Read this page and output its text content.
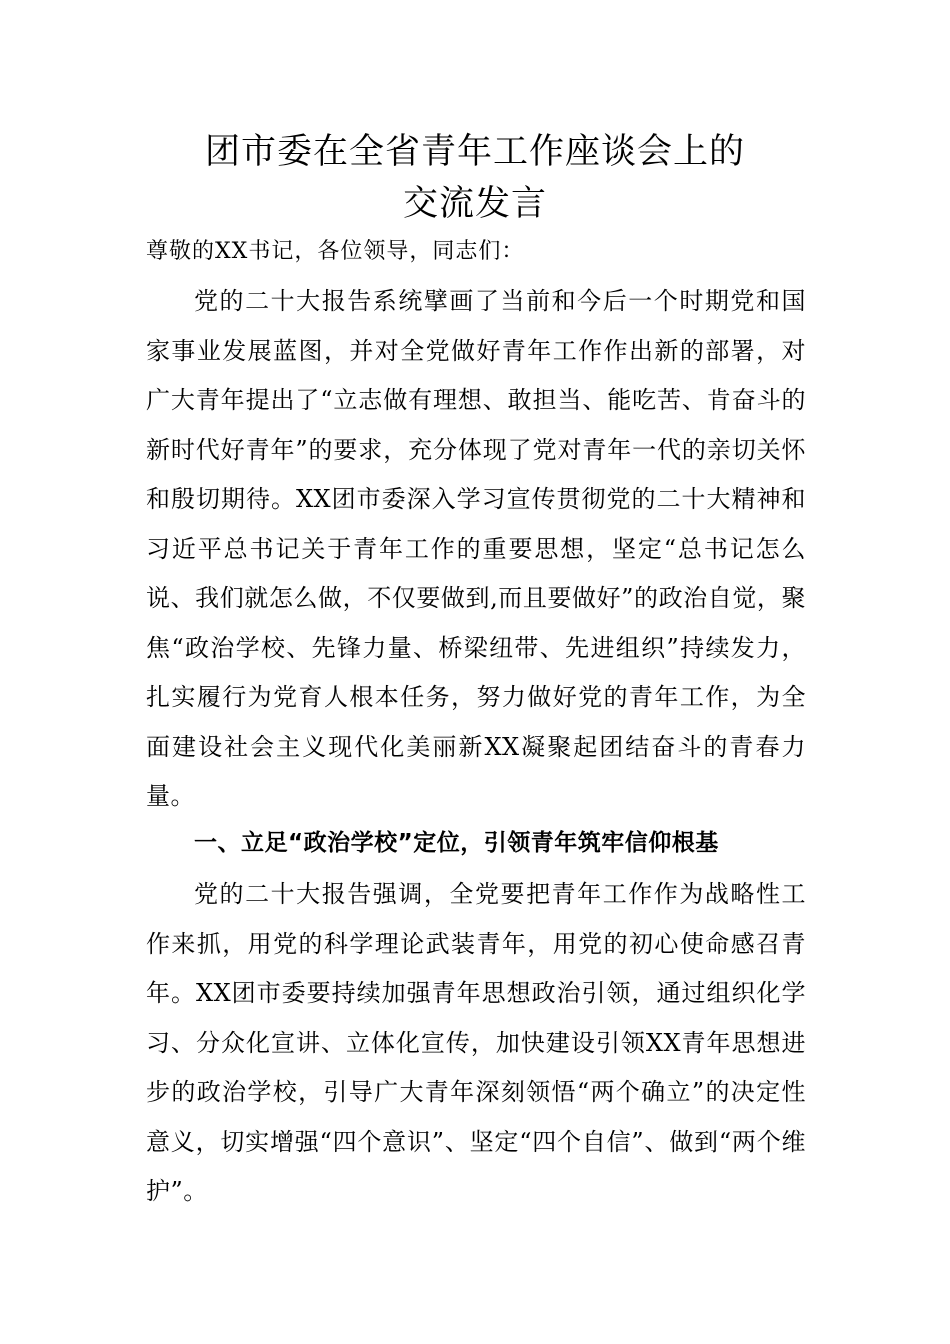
团市委在全省青年工作座谈会上的
交流发言
尊敬的XX书记，各位领导，同志们：
党的二十大报告系统擘画了当前和今后一个时期党和国家事业发展蓝图，并对全党做好青年工作作出新的部署，对广大青年提出了“立志做有理想、敢担当、能吃苦、肯奋斗的新时代好青年”的要求，充分体现了党对青年一代的亲切关怀和殷切期待。XX团市委深入学习宣传贯彻党的二十大精神和习近平总书记关于青年工作的重要思想，坚定“总书记怎么说、我们就怎么做，不仅要做到,而且要做好”的政治自觉，聚焦“政治学校、先锋力量、桥梁纽带、先进组织”持续发力，扎实履行为党育人根本任务，努力做好党的青年工作，为全面建设社会主义现代化美丽新XX凝聚起团结奋斗的青春力量。
一、立足“政治学校”定位，引领青年筑牢信仰根基
党的二十大报告强调，全党要把青年工作作为战略性工作来抓，用党的科学理论武装青年，用党的初心使命感召青年。XX团市委要持续加强青年思想政治引领，通过组织化学习、分众化宣讲、立体化宣传，加快建设引领XX青年思想进步的政治学校，引导广大青年深刻领悟“两个确立”的决定性意义，切实增强“四个意识”、坚定“四个自信”、做到“两个维护”。
